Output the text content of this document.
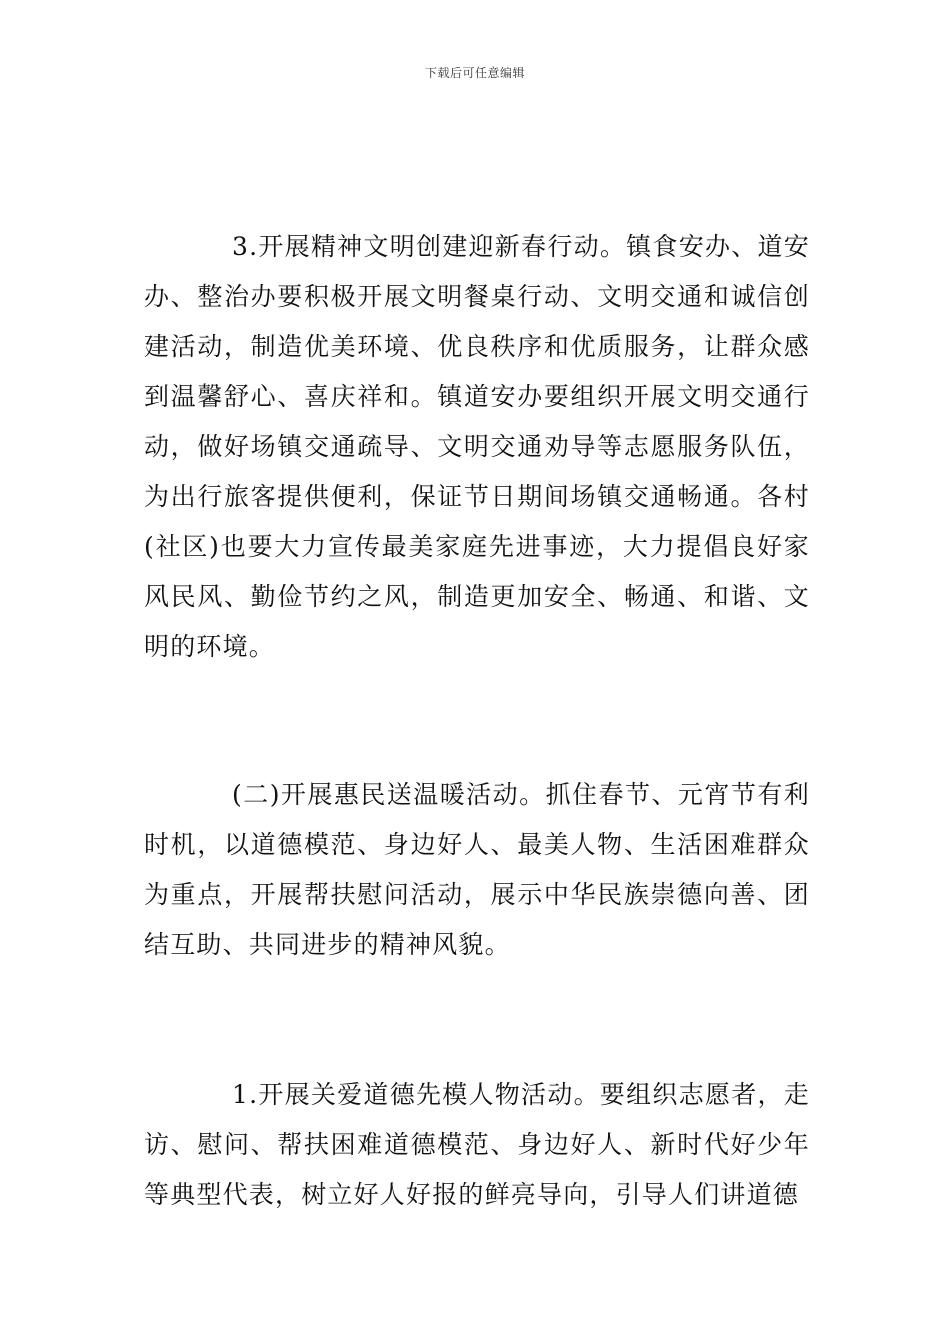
下载后可任意编辑

3.开展精神文明创建迎新春行动。镇食安办、道安办、整治办要积极开展文明餐桌行动、文明交通和诚信创建活动，制造优美环境、优良秩序和优质服务，让群众感到温馨舒心、喜庆祥和。镇道安办要组织开展文明交通行动，做好场镇交通疏导、文明交通劝导等志愿服务队伍，为出行旅客提供便利，保证节日期间场镇交通畅通。各村(社区)也要大力宣传最美家庭先进事迹，大力提倡良好家风民风、勤俭节约之风，制造更加安全、畅通、和谐、文明的环境。

(二)开展惠民送温暖活动。抓住春节、元宵节有利时机，以道德模范、身边好人、最美人物、生活困难群众为重点，开展帮扶慰问活动，展示中华民族崇德向善、团结互助、共同进步的精神风貌。

1.开展关爱道德先模人物活动。要组织志愿者，走访、慰问、帮扶困难道德模范、身边好人、新时代好少年等典型代表，树立好人好报的鲜亮导向，引导人们讲道德
